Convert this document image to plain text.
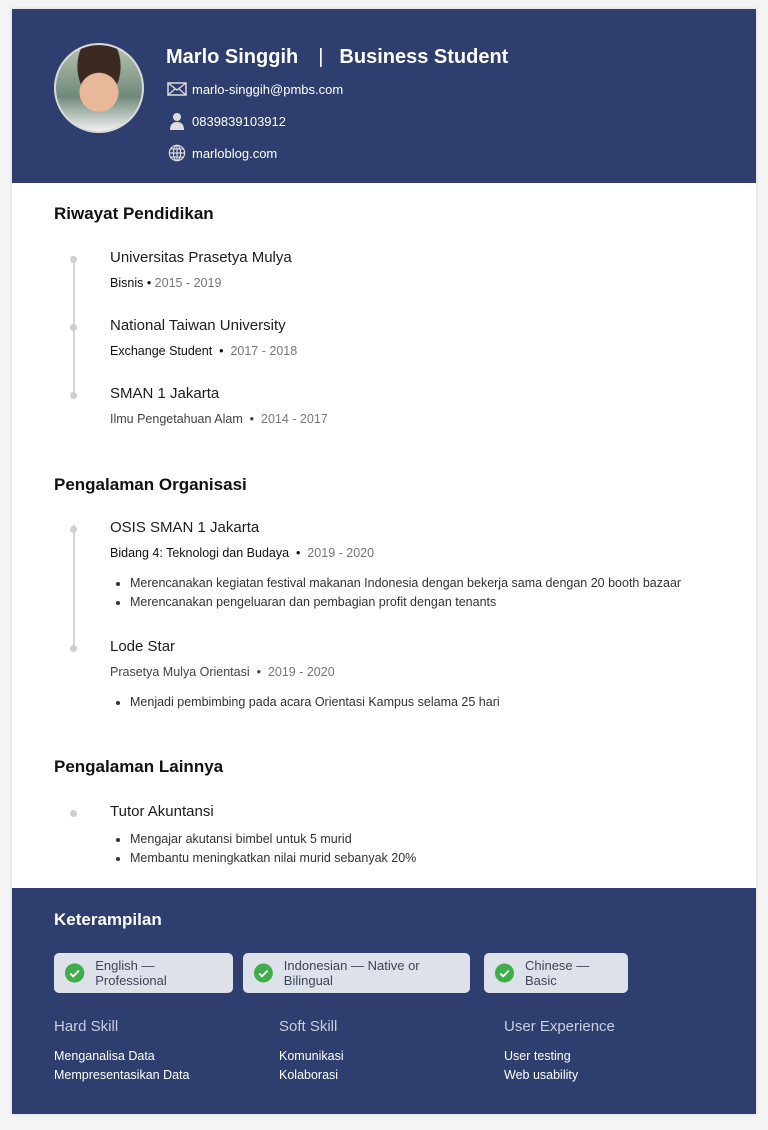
Marlo Singgih | Business Student
marlo-singgih@pmbs.com
0839839103912
marloblog.com
Riwayat Pendidikan
Universitas Prasetya Mulya
Bisnis • 2015 - 2019
National Taiwan University
Exchange Student  •  2017 - 2018
SMAN 1 Jakarta
Ilmu Pengetahuan Alam  •  2014 - 2017
Pengalaman Organisasi
OSIS SMAN 1 Jakarta
Bidang 4: Teknologi dan Budaya  •  2019 - 2020
• Merencanakan kegiatan festival makanan Indonesia dengan bekerja sama dengan 20 booth bazaar
• Merencanakan pengeluaran dan pembagian profit dengan tenants
Lode Star
Prasetya Mulya Orientasi  •  2019 - 2020
• Menjadi pembimbing pada acara Orientasi Kampus selama 25 hari
Pengalaman Lainnya
Tutor Akuntansi
• Mengajar akutansi bimbel untuk 5 murid
• Membantu meningkatkan nilai murid sebanyak 20%
Keterampilan
English — Professional
Indonesian — Native or Bilingual
Chinese — Basic
Hard Skill
Menganalisa Data
Mempresentasikan Data
Soft Skill
Komunikasi
Kolaborasi
User Experience
User testing
Web usability
